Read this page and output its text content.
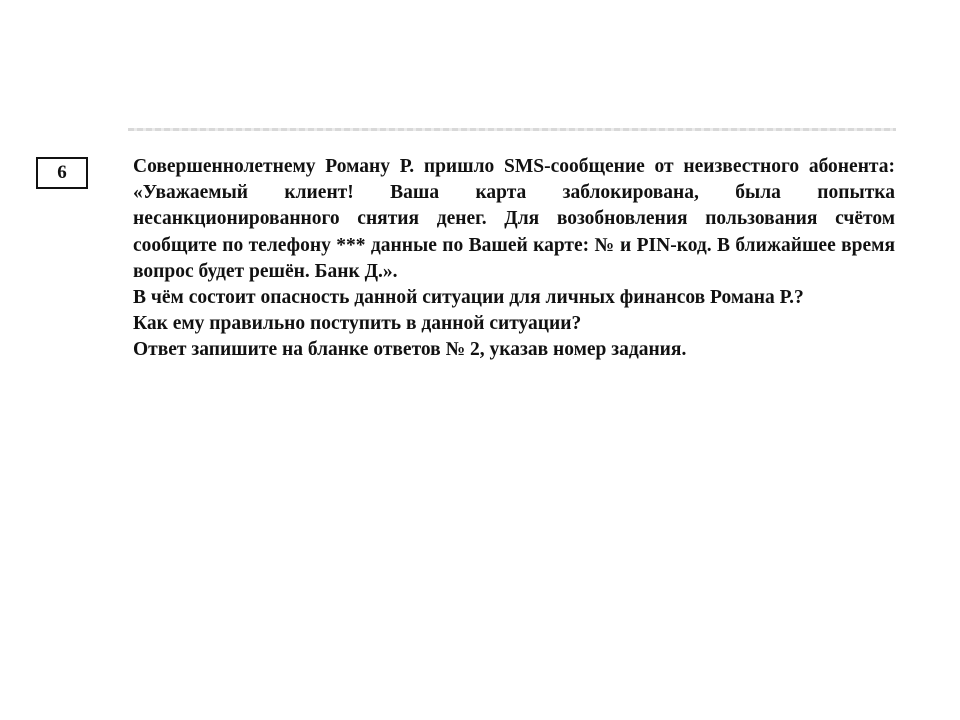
6	Совершеннолетнему Роману Р. пришло SMS-сообщение от неизвестного абонента: «Уважаемый клиент! Ваша карта заблокирована, была попытка несанкционированного снятия денег. Для возобновления пользования счётом сообщите по телефону *** данные по Вашей карте: № и PIN-код. В ближайшее время вопрос будет решён. Банк Д.».

В чём состоит опасность данной ситуации для личных финансов Романа Р.?

Как ему правильно поступить в данной ситуации?

Ответ запишите на бланке ответов № 2, указав номер задания.
